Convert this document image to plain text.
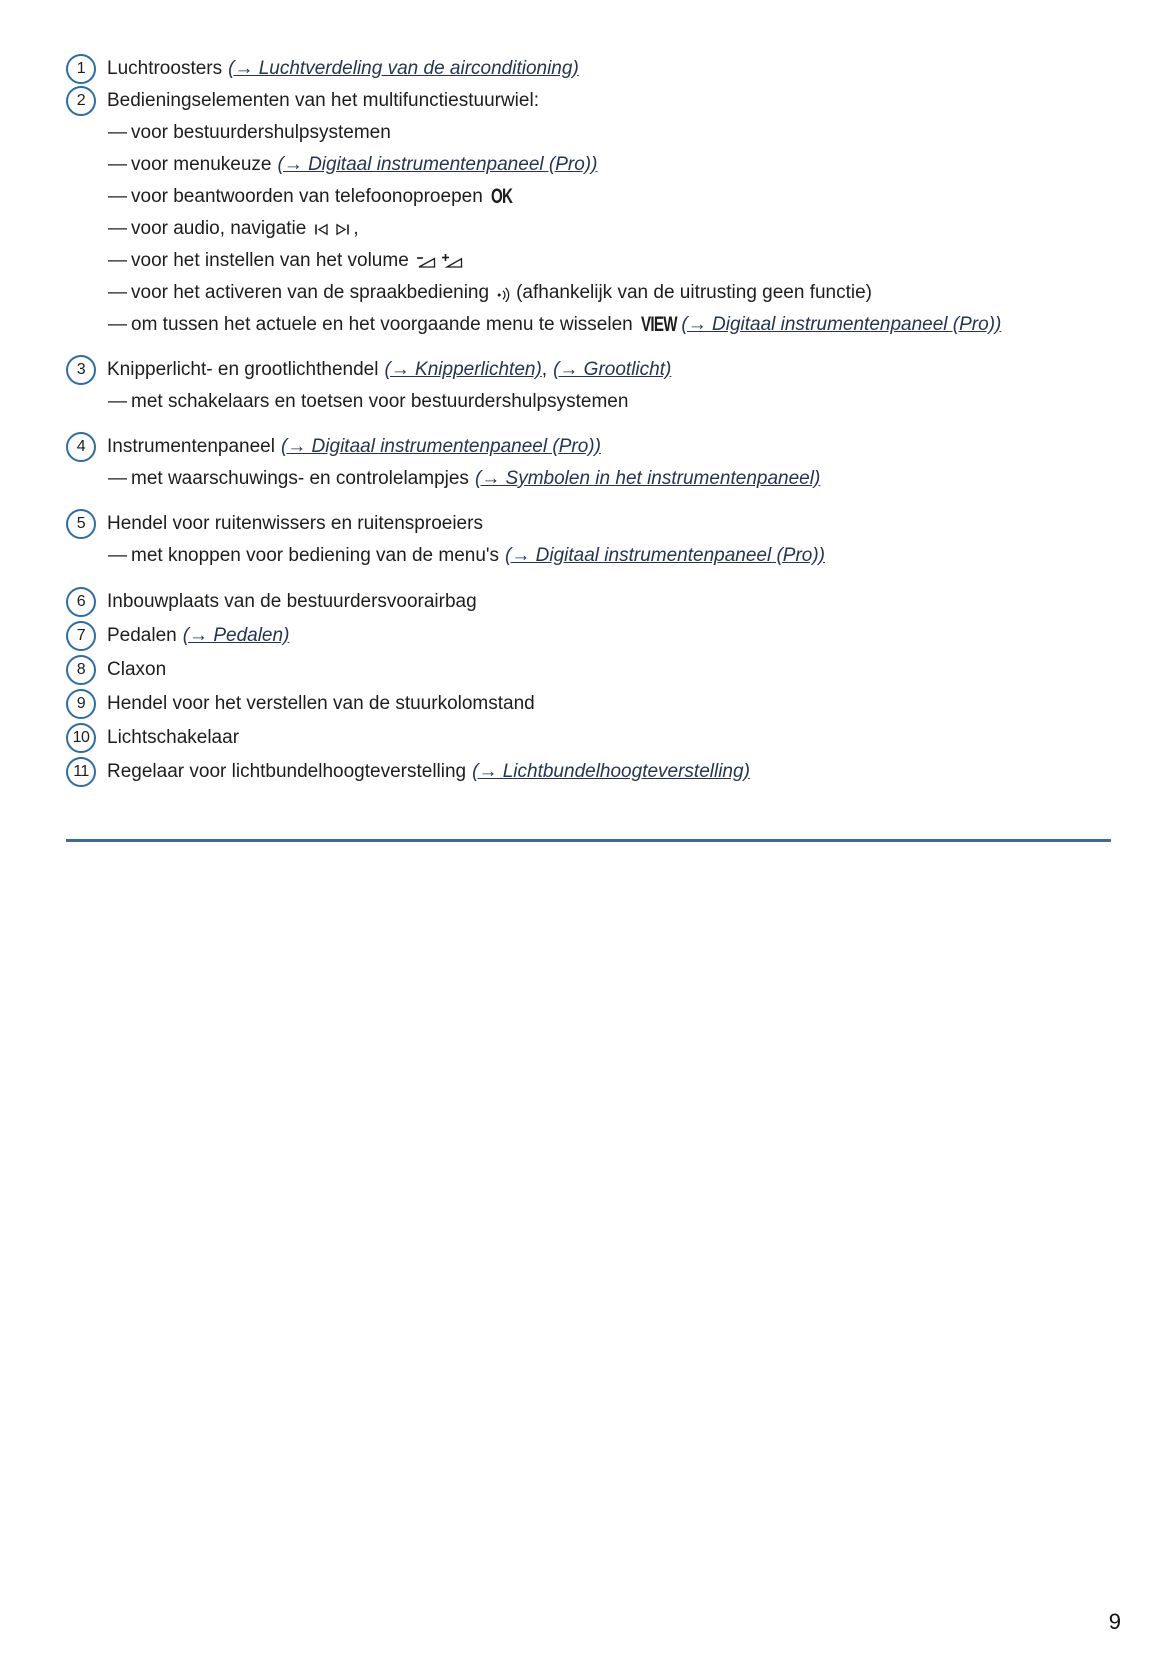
1 Luchtroosters (→ Luchtverdeling van de airconditioning)
2 Bedieningselementen van het multifunctiestuurwiel:
— voor bestuurdershulpsystemen
— voor menukeuze (→ Digitaal instrumentenpaneel (Pro))
— voor beantwoorden van telefoonoproepen OK
— voor audio, navigatie ,
— voor het instellen van het volume
— voor het activeren van de spraakbediening (afhankelijk van de uitrusting geen functie)
— om tussen het actuele en het voorgaande menu te wisselen VIEW (→ Digitaal instrumentenpaneel (Pro))
3 Knipperlicht- en grootlichthendel (→ Knipperlichten) , (→ Grootlicht)
— met schakelaars en toetsen voor bestuurdershulpsystemen
4 Instrumentenpaneel (→ Digitaal instrumentenpaneel (Pro))
— met waarschuwings- en controlelampjes (→ Symbolen in het instrumentenpaneel)
5 Hendel voor ruitenwissers en ruitensproeiers
— met knoppen voor bediening van de menu's (→ Digitaal instrumentenpaneel (Pro))
6 Inbouwplaats van de bestuurdersvoorairbag
7 Pedalen (→ Pedalen)
8 Claxon
9 Hendel voor het verstellen van de stuurkolomstand
10 Lichtschakelaar
11 Regelaar voor lichtbundelhoogteverstelling (→ Lichtbundelhoogteverstelling)
9
